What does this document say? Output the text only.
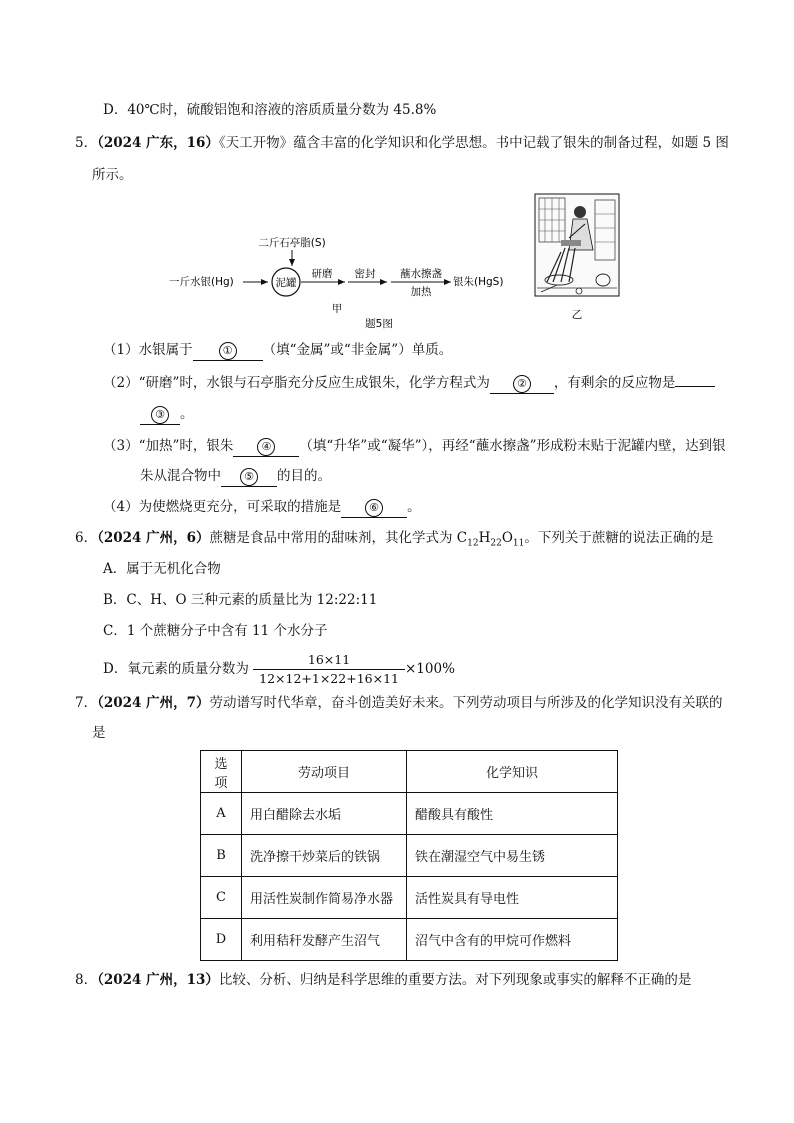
D．40℃时，硫酸铝饱和溶液的溶质质量分数为 45.8%
5．（2024 广东，16）《天工开物》蕴含丰富的化学知识和化学思想。书中记载了银朱的制备过程，如题 5 图
所示。
二斤石亭脂(S)
一斤水银(Hg)	泥罐
研磨 密封 蘸水擦盏
加热
银朱(HgS)
甲
题5图
乙
（1）水银属于	① （填“金属”或“非金属”）单质。
（2）“研磨”时，水银与石亭脂充分反应生成银朱，化学方程式为 ② ，有剩余的反应物是
③ 。
（3）“加热”时，银朱	④ （填“升华”或“凝华”），再经“蘸水擦盏”形成粉末贴于泥罐内壁，达到银
朱从混合物中 ⑤ 的目的。
（4）为使燃烧更充分，可采取的措施是	⑥ 。
6．（2024 广州，6）蔗糖是食品中常用的甜味剂，其化学式为 $C_{12}H_{22}O_{11}$。下列关于蔗糖的说法正确的是
A．属于无机化合物
B．C、H、O 三种元素的质量比为 12:22:11
C．1 个蔗糖分子中含有 11 个水分子
D．氧元素的质量分数为 $\frac{16\times 11}{12\times 12+1\times 22+16\times 11} \times 100\%$
7．（2024 广州，7）劳动谱写时代华章，奋斗创造美好未来。下列劳动项目与所涉及的化学知识没有关联的
是
选项	劳动项目	化学知识
A	用白醋除去水垢	醋酸具有酸性
B	洗净擦干炒菜后的铁锅	铁在潮湿空气中易生锈
C	用活性炭制作简易净水器	活性炭具有导电性
D	利用秸秆发酵产生沼气	沼气中含有的甲烷可作燃料
8．（2024 广州，13）比较、分析、归纳是科学思维的重要方法。对下列现象或事实的解释不正确的是
